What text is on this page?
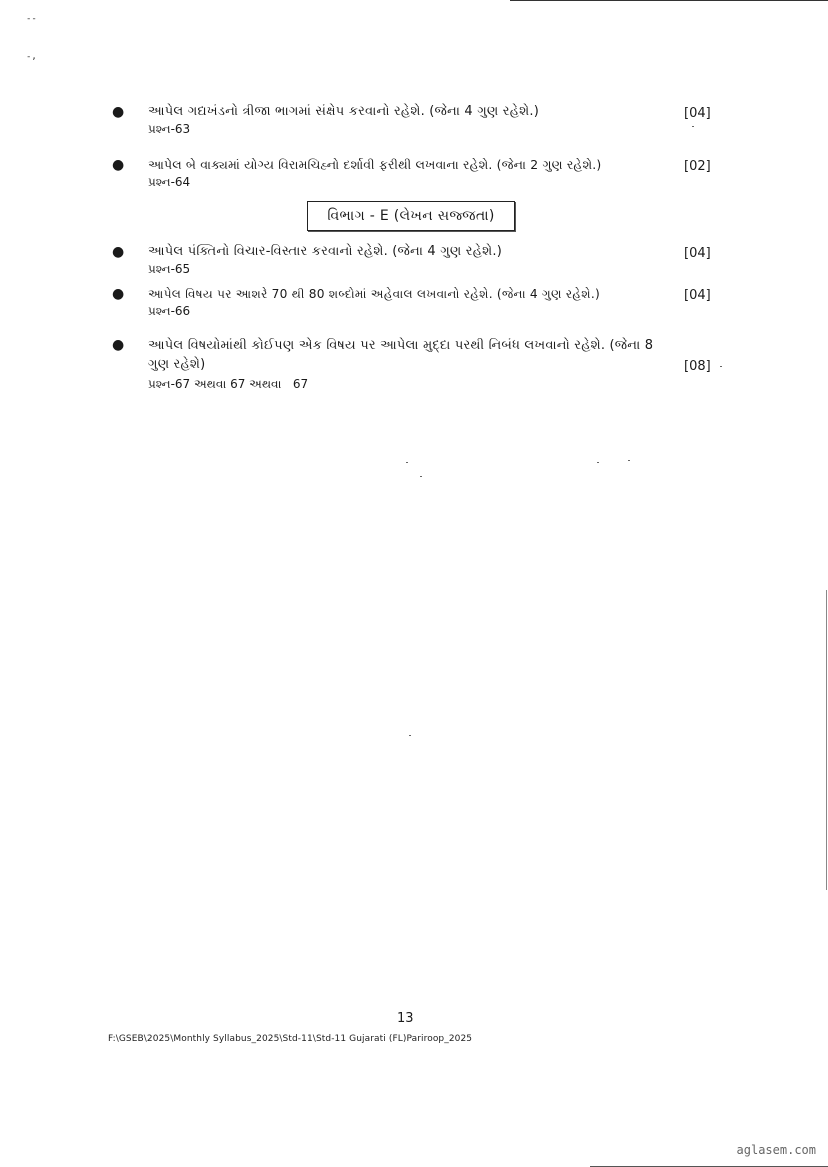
--
-,
● આપેલ ગદ્યખંડનો ત્રીજા ભાગમાં સંક્ષેપ કરવાનો રહેશે. (જેના 4 ગુણ રહેશે.)
પ્રશ્ન-63
[04]
● આપેલ બે વાક્યમાં યોગ્ય વિરામચિહ્નો દર્શાવી ફરીથી લખવાના રહેશે. (જેના 2 ગુણ રહેશે.)
પ્રશ્ન-64
[02]
વિભાગ - E (લેખન સજ્જતા)
● આપેલ પંક્તિનો વિચાર-વિસ્તાર કરવાનો રહેશે. (જેના 4 ગુણ રહેશે.)
પ્રશ્ન-65
[04]
● આપેલ વિષય પર આશરે 70 થી 80 શબ્દોમાં અહેવાલ લખવાનો રહેશે. (જેના 4 ગુણ રહેશે.)
પ્રશ્ન-66
[04]
● આપેલ વિષયોમાંથી કોઈપણ એક વિષય પર આપેલા મુદ્દા પરથી નિબંધ લખવાનો રહેશે. (જેના 8 ગુણ રહેશે)
પ્રશ્ન-67 અથવા 67 અથવા   67
[08]
13
F:\GSEB\2025\Monthly Syllabus_2025\Std-11\Std-11 Gujarati (FL)Pariroop_2025
aglasem.com
